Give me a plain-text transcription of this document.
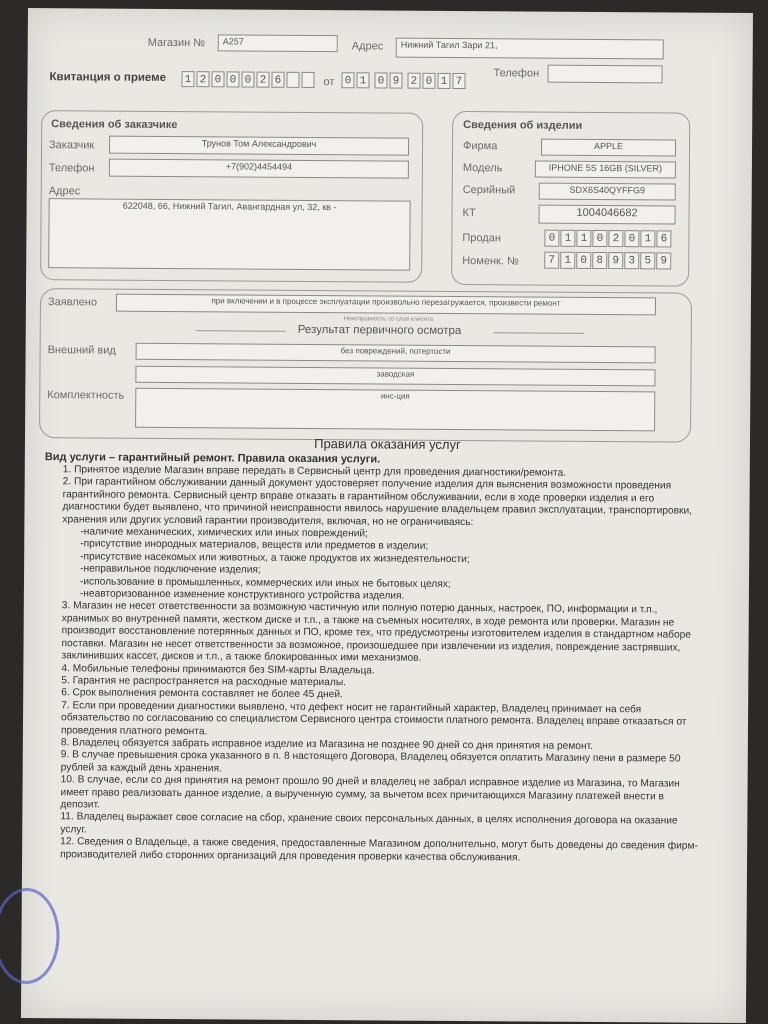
Магазин №	А257	Адрес	Нижний Тагил Зари 21,
Квитанция о приеме 1 2 0 0 0 2 6	от 0 1 0 9 2 0 1 7
Телефон
Сведения об заказчике
Заказчик	Трунов Том Александрович
Телефон	+7(902)4454494
Адрес
622048, 66, Нижний Тагил, Авангардная ул, 32, кв -
Сведения об изделии
Фирма	APPLE
Модель	IPHONE 5S 16GB (SILVER)
Серийный	SDX6S40QYFFG9
КТ	1004046682
Продан	0 1 1 0 2 0 1 6
Номенк. №	7 1 0 8 9 3 5 9
Заявлено	при включении и в процессе эксплуатации произвольно перезагружается, произвести ремонт
Неисправность со слов клиента
Результат первичного осмотра
Внешний вид	без повреждений, потертости
заводская
Комплектность	инс-ция
Правила оказания услуг
Вид услуги – гарантийный ремонт. Правила оказания услуги.

1. Принятое изделие Магазин вправе передать в Сервисный центр для проведения диагностики/ремонта.

2. При гарантийном обслуживании данный документ удостоверяет получение изделия для выяснения возможности проведения гарантийного ремонта. Сервисный центр вправе отказать в гарантийном обслуживании, если в ходе проверки изделия и его диагностики будет выявлено, что причиной неисправности явилось нарушение владельцем правил эксплуатации, транспортировки, хранения или других условий гарантии производителя, включая, но не ограничиваясь:

-наличие механических, химических или иных повреждений;

-присутствие инородных материалов, веществ или предметов в изделии;

-присутствие насекомых или животных, а также продуктов их жизнедеятельности;

-неправильное подключение изделия;

-использование в промышленных, коммерческих или иных не бытовых целях;

-неавторизованное изменение конструктивного устройства изделия.

3. Магазин не несет ответственности за возможную частичную или полную потерю данных, настроек, ПО, информации и т.п., хранимых во внутренней памяти, жестком диске и т.п., а также на съемных носителях, в ходе ремонта или проверки. Магазин не производит восстановление потерянных данных и ПО, кроме тех, что предусмотрены изготовителем изделия в стандартном наборе поставки. Магазин не несет ответственности за возможное, произошедшее при извлечении из изделия, повреждение застрявших, заклинивших кассет, дисков и т.п., а также блокированных ими механизмов.

4. Мобильные телефоны принимаются без SIM-карты Владельца.

5. Гарантия не распространяется на расходные материалы.

6. Срок выполнения ремонта составляет не более 45 дней.

7. Если при проведении диагностики выявлено, что дефект носит не гарантийный характер, Владелец принимает на себя обязательство по согласованию со специалистом Сервисного центра стоимости платного ремонта. Владелец вправе отказаться от проведения платного ремонта.

8. Владелец обязуется забрать исправное изделие из Магазина не позднее 90 дней со дня принятия на ремонт.

9. В случае превышения срока указанного в п. 8 настоящего Договора, Владелец обязуется оплатить Магазину пени в размере 50 рублей за каждый день хранения.

10. В случае, если со дня принятия на ремонт прошло 90 дней и владелец не забрал исправное изделие из Магазина, то Магазин имеет право реализовать данное изделие, а вырученную сумму, за вычетом всех причитающихся Магазину платежей внести в депозит.

11. Владелец выражает свое согласие на сбор, хранение своих персональных данных, в целях исполнения договора на оказание услуг.

12. Сведения о Владельце, а также сведения, предоставленные Магазином дополнительно, могут быть доведены до сведения фирм-производителей либо сторонних организаций для проведения проверки качества обслуживания.
